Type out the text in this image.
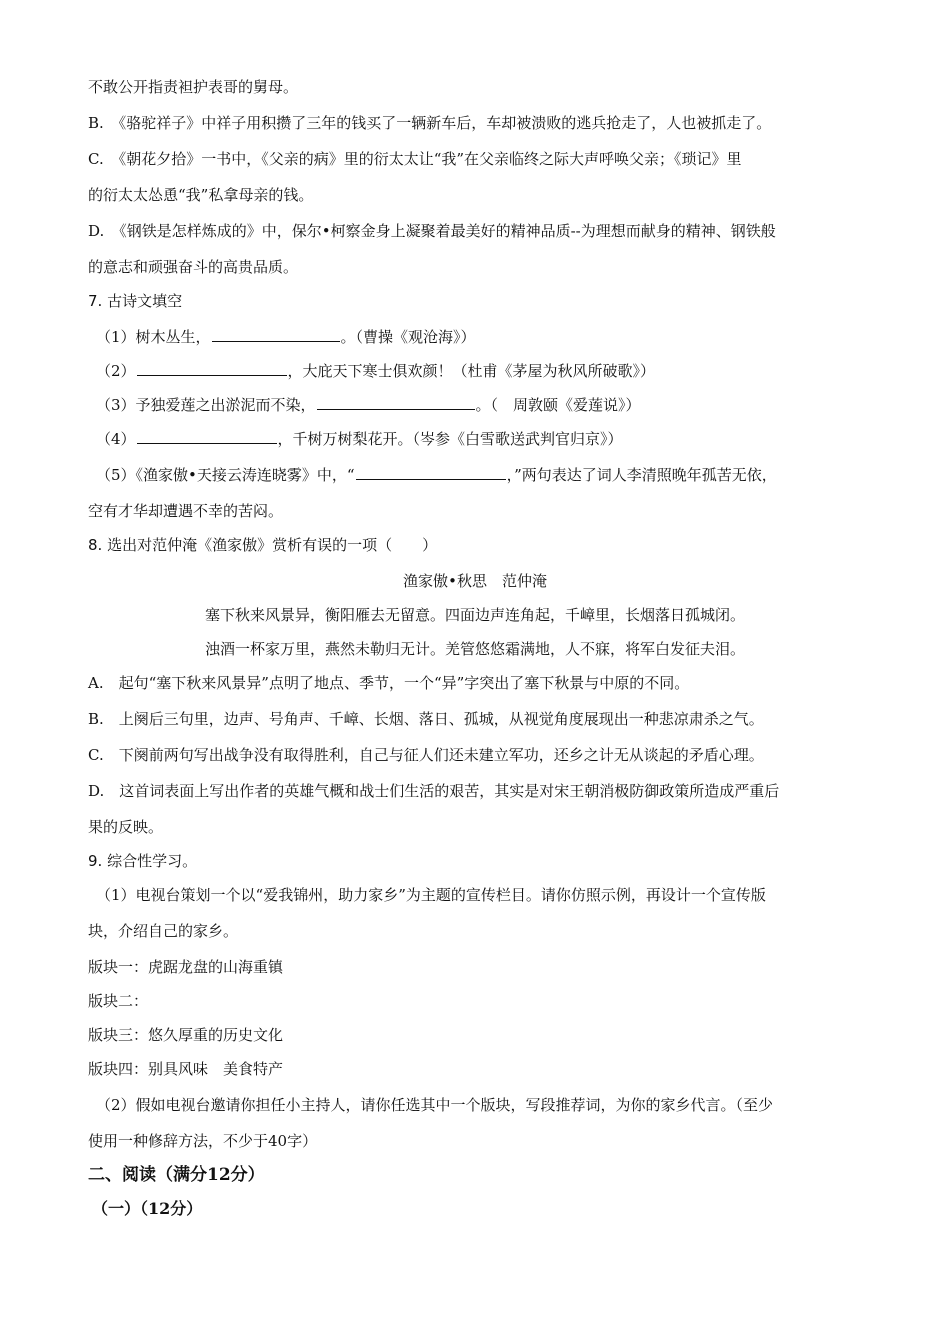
不敢公开指责袒护表哥的舅母。
B.　《骆驼祥子》中祥子用积攒了三年的钱买了一辆新车后，车却被溃败的逃兵抢走了，人也被抓走了。
C.　《朝花夕拾》一书中，《父亲的病》里的衍太太让“我”在父亲临终之际大声呼唤父亲；《琐记》里
的衍太太怂恿“我”私拿母亲的钱。
D.　《钢铁是怎样炼成的》中，保尔•柯察金身上凝聚着最美好的精神品质--为理想而献身的精神、钢铁般
的意志和顽强奋斗的高贵品质。
7. 古诗文填空
（1）树木丛生，	。（曹操《观沧海》）
（2）	，大庇天下寒士俱欢颜！（杜甫《茅屋为秋风所破歌》）
（3）予独爱莲之出淤泥而不染，	。（　周敦颐《爱莲说》）
（4）	，千树万树梨花开。（岑参《白雪歌送武判官归京》）
（5）《渔家傲•天接云涛连晓雾》中，“	，”两句表达了词人李清照晚年孤苦无依，
空有才华却遭遇不幸的苦闷。
8. 选出对范仲淹《渔家傲》赏析有误的一项（　　）
渔家傲•秋思　范仲淹
塞下秋来风景异，衡阳雁去无留意。四面边声连角起，千嶂里，长烟落日孤城闭。
浊酒一杯家万里，燕然未勒归无计。羌管悠悠霜满地，人不寐，将军白发征夫泪。
A.　起句“塞下秋来风景异”点明了地点、季节，一个“异”字突出了塞下秋景与中原的不同。
B.　上阕后三句里，边声、号角声、千嶂、长烟、落日、孤城，从视觉角度展现出一种悲凉肃杀之气。
C.　下阕前两句写出战争没有取得胜利，自己与征人们还未建立军功，还乡之计无从谈起的矛盾心理。
D.　这首词表面上写出作者的英雄气概和战士们生活的艰苦，其实是对宋王朝消极防御政策所造成严重后
果的反映。
9. 综合性学习。
（1）电视台策划一个以“爱我锦州，助力家乡”为主题的宣传栏目。请你仿照示例，再设计一个宣传版
块，介绍自己的家乡。
版块一：虎踞龙盘的山海重镇
版块二：
版块三：悠久厚重的历史文化
版块四：别具风味　美食特产
（2）假如电视台邀请你担任小主持人，请你任选其中一个版块，写段推荐词，为你的家乡代言。（至少
使用一种修辞方法，不少于40字）
二、阅读（满分12分）
（一）（12分）
